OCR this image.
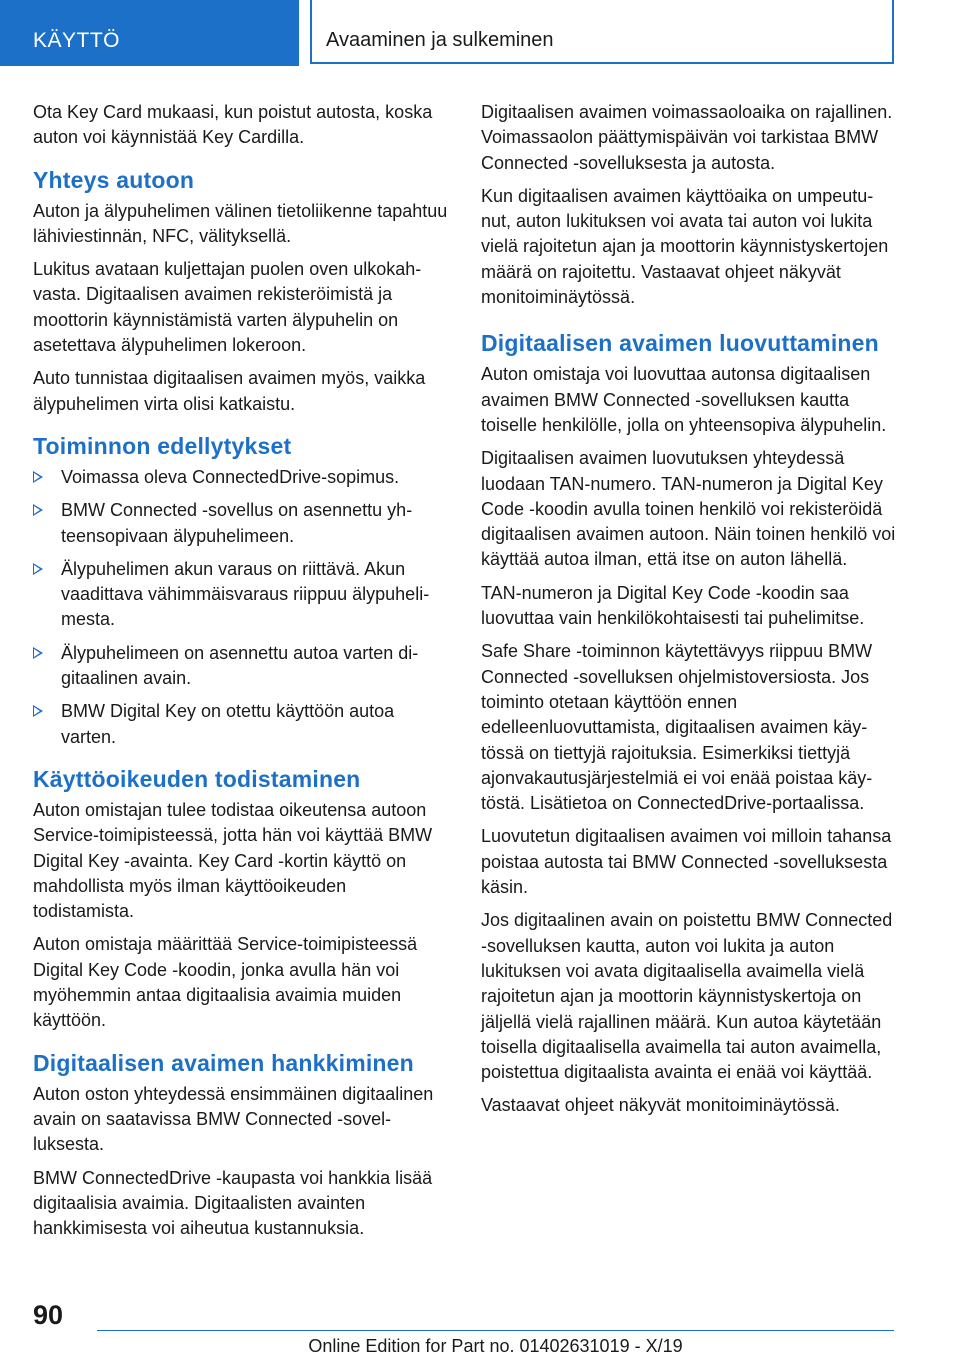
KÄYTTÖ	Avaaminen ja sulkeminen

Ota Key Card mukaasi, kun poistut autosta, koska auton voi käynnistää Key Cardilla.

Yhteys autoon

Auton ja älypuhelimen välinen tietoliikenne tapahtuu lähiviestinnän, NFC, välityksellä.

Lukitus avataan kuljettajan puolen oven ulkokahvasta. Digitaalisen avaimen rekisteröimistä ja moottorin käynnistämistä varten älypuhelin on asetettava älypuhelimen lokeroon.

Auto tunnistaa digitaalisen avaimen myös, vaikka älypuhelimen virta olisi katkaistu.

Toiminnon edellytykset
Voimassa oleva ConnectedDrive-sopimus.
BMW Connected -sovellus on asennettu yhteensopivaan älypuhelimeen.
Älypuhelimen akun varaus on riittävä. Akun vaadittava vähimmäisvaraus riippuu älypuhelimesta.
Älypuhelimeen on asennettu autoa varten digitaalinen avain.
BMW Digital Key on otettu käyttöön autoa varten.
Käyttöoikeuden todistaminen

Auton omistajan tulee todistaa oikeutensa autoon Service-toimipisteessä, jotta hän voi käyttää BMW Digital Key -avainta. Key Card -kortin käyttö on mahdollista myös ilman käyttöoikeuden todistamista.

Auton omistaja määrittää Service-toimipisteessä Digital Key Code -koodin, jonka avulla hän voi myöhemmin antaa digitaalisia avaimia muiden käyttöön.

Digitaalisen avaimen hankkiminen

Auton oston yhteydessä ensimmäinen digitaalinen avain on saatavissa BMW Connected -sovelluksesta.

BMW ConnectedDrive -kaupasta voi hankkia lisää digitaalisia avaimia. Digitaalisten avainten hankkimisesta voi aiheutua kustannuksia.

Digitaalisen avaimen voimassaoloaika on rajallinen. Voimassaolon päättymispäivän voi tarkistaa BMW Connected -sovelluksesta ja autosta.

Kun digitaalisen avaimen käyttöaika on umpeutunut, auton lukituksen voi avata tai auton voi lukita vielä rajoitetun ajan ja moottorin käynnistyskertojen määrä on rajoitettu. Vastaavat ohjeet näkyvät monitoiminäytössä.

Digitaalisen avaimen luovuttaminen

Auton omistaja voi luovuttaa autonsa digitaalisen avaimen BMW Connected -sovelluksen kautta toiselle henkilölle, jolla on yhteensopiva älypuhelin.

Digitaalisen avaimen luovutuksen yhteydessä luodaan TAN-numero. TAN-numeron ja Digital Key Code -koodin avulla toinen henkilö voi rekisteröidä digitaalisen avaimen autoon. Näin toinen henkilö voi käyttää autoa ilman, että itse on auton lähellä.

TAN-numeron ja Digital Key Code -koodin saa luovuttaa vain henkilökohtaisesti tai puhelimitse.

Safe Share -toiminnon käytettävyys riippuu BMW Connected -sovelluksen ohjelmistoversiosta. Jos toiminto otetaan käyttöön ennen edelleenluovuttamista, digitaalisen avaimen käytössä on tiettyjä rajoituksia. Esimerkiksi tiettyjä ajonvakautusjärjestelmiä ei voi enää poistaa käytöstä. Lisätietoa on ConnectedDrive-portaalissa.

Luovutetun digitaalisen avaimen voi milloin tahansa poistaa autosta tai BMW Connected -sovelluksesta käsin.

Jos digitaalinen avain on poistettu BMW Connected -sovelluksen kautta, auton voi lukita ja auton lukituksen voi avata digitaalisella avaimella vielä rajoitetun ajan ja moottorin käynnistyskertoja on jäljellä vielä rajallinen määrä. Kun autoa käytetään toisella digitaalisella avaimella tai auton avaimella, poistettua digitaalista avainta ei enää voi käyttää.

Vastaavat ohjeet näkyvät monitoiminäytössä.

90
Online Edition for Part no. 01402631019 - X/19
